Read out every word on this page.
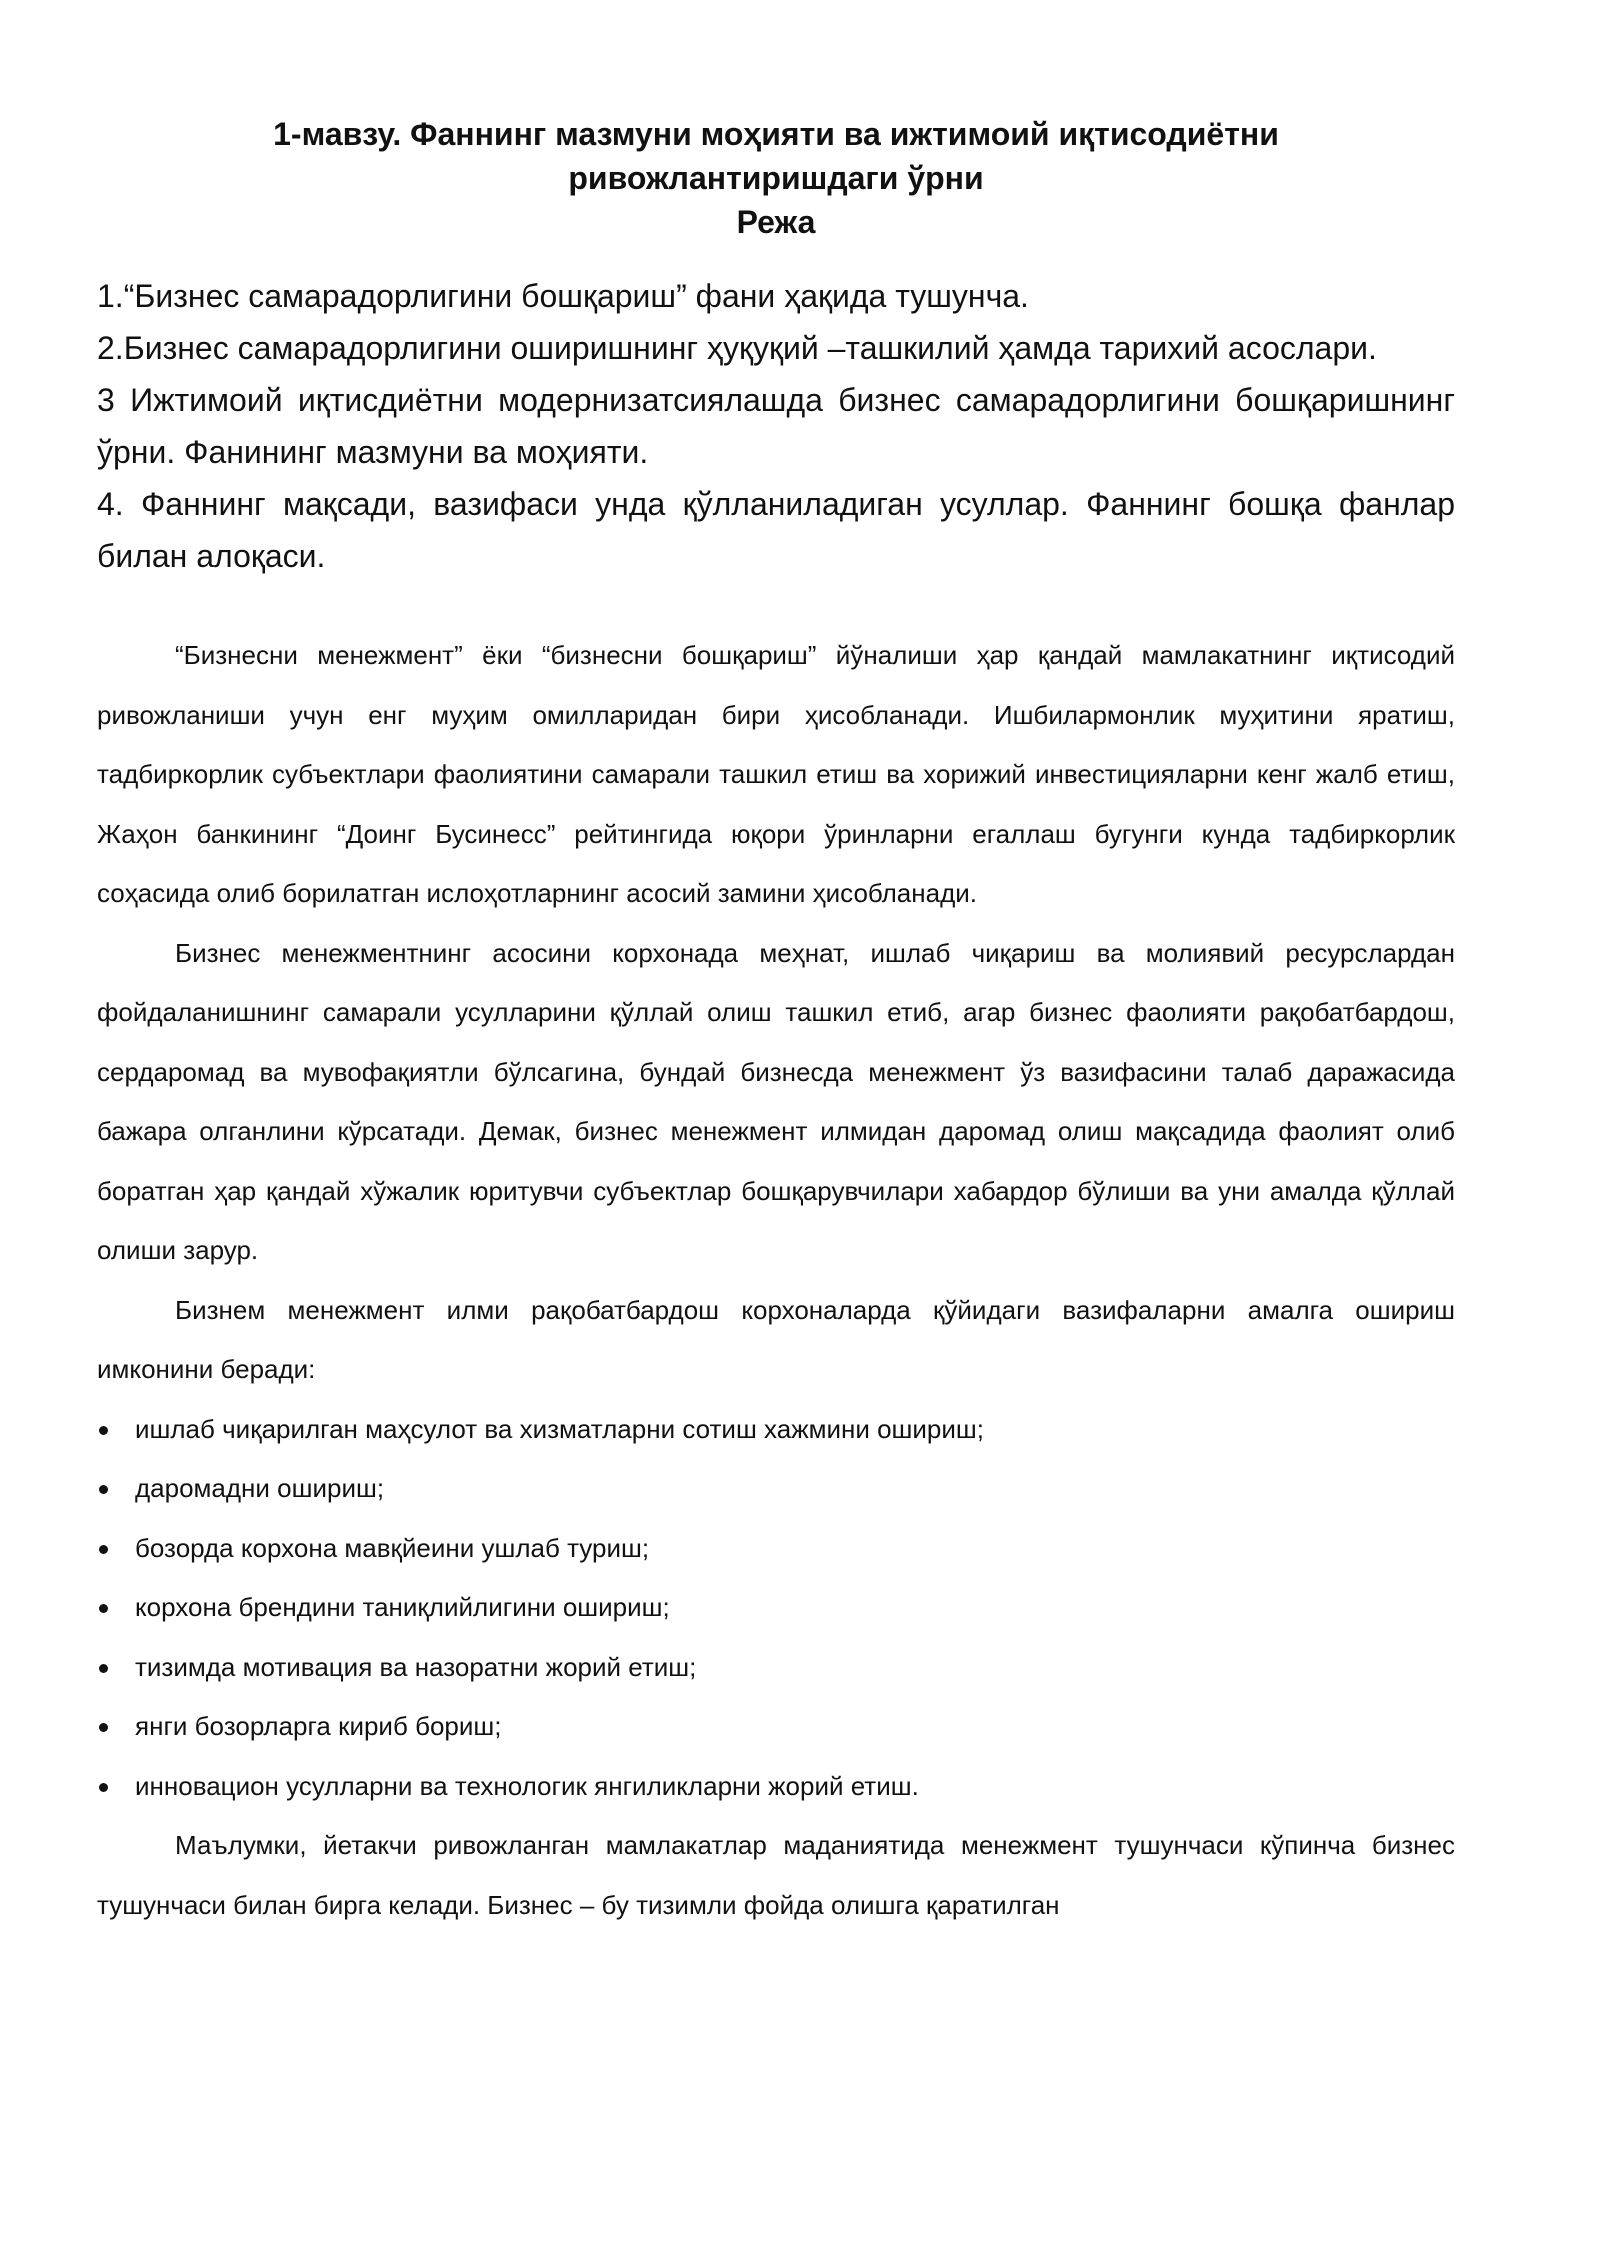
1-мавзу. Фаннинг мазмуни моҳияти ва ижтимоий иқтисодиётни
ривожлантиришдаги ўрни
Режа
1.“Бизнес самарадорлигини бошқариш” фани ҳақида тушунча.
2.Бизнес самарадорлигини оширишнинг ҳуқуқий –ташкилий ҳамда тарихий асослари.
3 Ижтимоий иқтисдиётни модернизатсиялашда бизнес самарадорлигини бошқаришнинг ўрни. Фанининг мазмуни ва моҳияти.
4. Фаннинг мақсади, вазифаси унда қўлланиладиган усуллар. Фаннинг бошқа фанлар билан алоқаси.

“Бизнесни менежмент” ёки “бизнесни бошқариш” йўналиши ҳар қандай мамлакатнинг иқтисодий ривожланиши учун енг муҳим омилларидан бири ҳисобланади. Ишбилармонлик муҳитини яратиш, тадбиркорлик субъектлари фаолиятини самарали ташкил етиш ва хорижий инвестицияларни кенг жалб етиш, Жаҳон банкининг “Доинг Бусинесс” рейтингида юқори ўринларни егаллаш бугунги кунда тадбиркорлик соҳасида олиб борилатган ислоҳотларнинг асосий замини ҳисобланади.

Бизнес менежментнинг асосини корхонада меҳнат, ишлаб чиқариш ва молиявий ресурслардан фойдаланишнинг самарали усулларини қўллай олиш ташкил етиб, агар бизнес фаолияти рақобатбардош, сердаромад ва мувофақиятли бўлсагина, бундай бизнесда менежмент ўз вазифасини талаб даражасида бажара олганлини кўрсатади. Демак, бизнес менежмент илмидан даромад олиш мақсадида фаолият олиб боратган ҳар қандай хўжалик юритувчи субъектлар бошқарувчилари хабардор бўлиши ва уни амалда қўллай олиши зарур.

Бизнем менежмент илми рақобатбардош корхоналарда қўйидаги вазифаларни амалга ошириш имконини беради:

ишлаб чиқарилган маҳсулот ва хизматларни сотиш хажмини ошириш;
даромадни ошириш;
бозорда корхона мавқйеини ушлаб туриш;
корхона брендини таниқлийлигини ошириш;
тизимда мотивация ва назоратни жорий етиш;
янги бозорларга кириб бориш;
инновацион усулларни ва технологик янгиликларни жорий етиш.

Маълумки, йетакчи ривожланган мамлакатлар маданиятида менежмент тушунчаси кўпинча бизнес тушунчаси билан бирга келади. Бизнес – бу тизимли фойда олишга қаратилган
